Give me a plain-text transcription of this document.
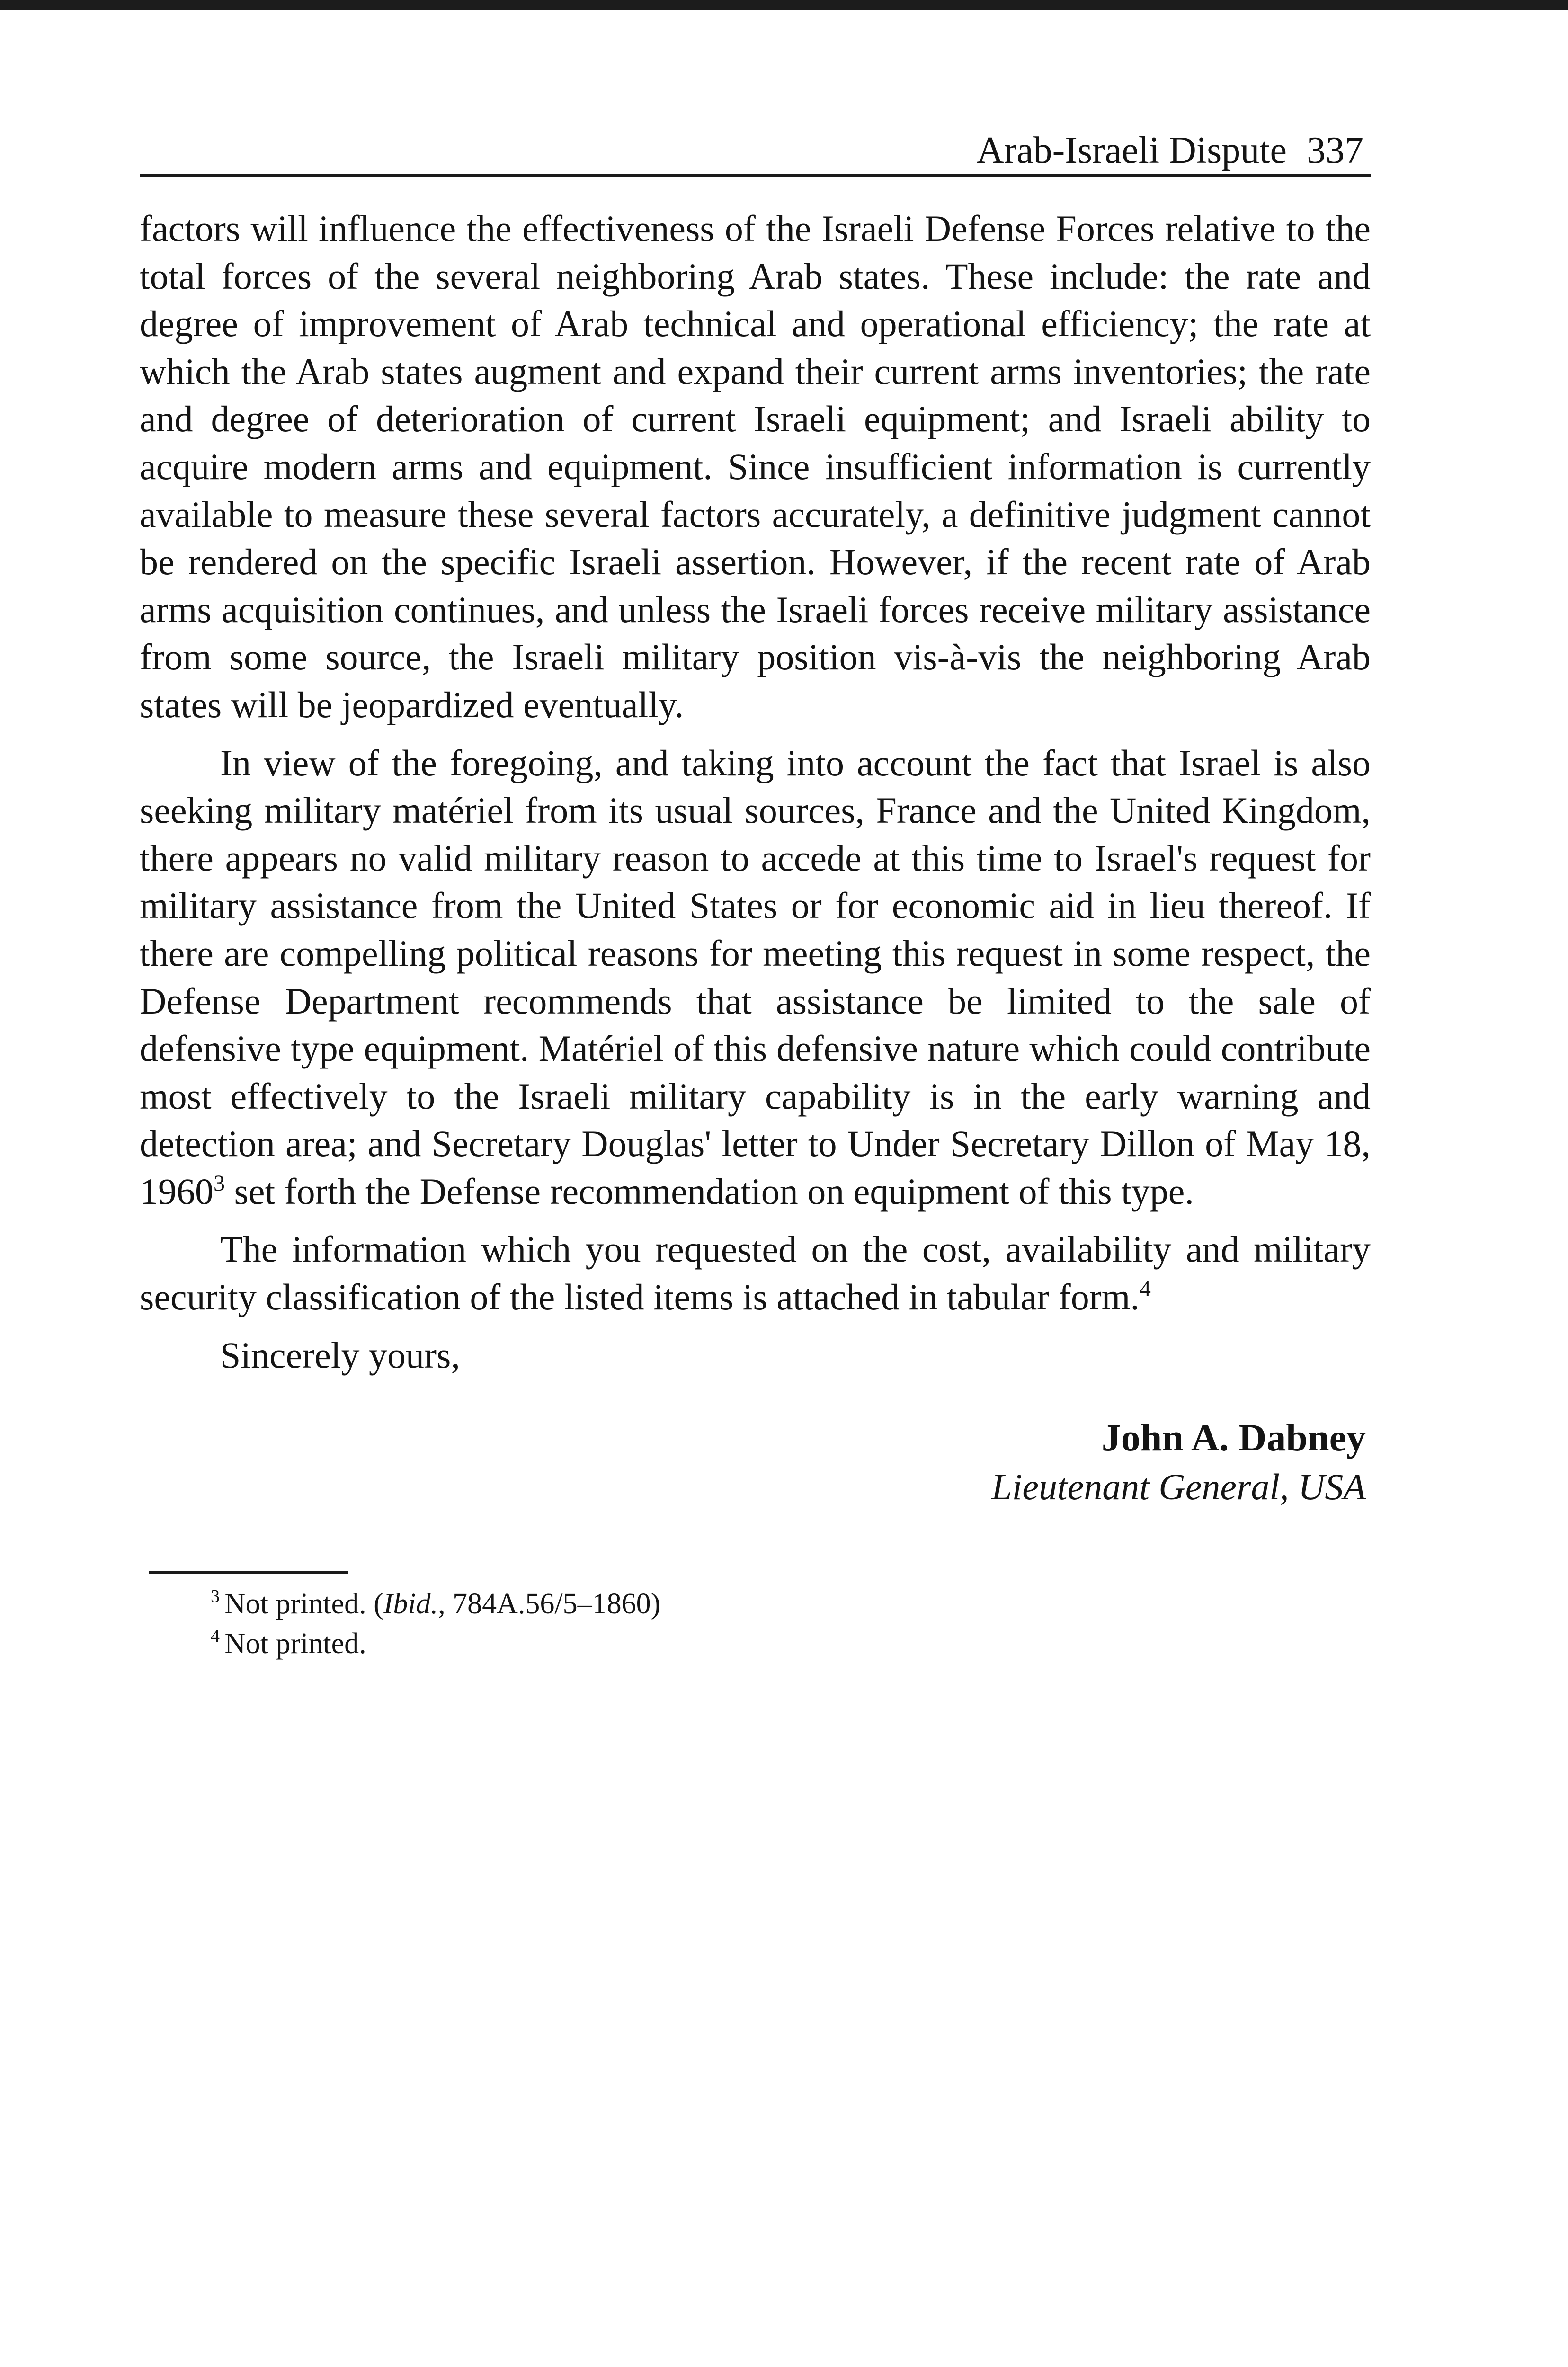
Arab-Israeli Dispute 337

factors will influence the effectiveness of the Israeli Defense Forces relative to the total forces of the several neighboring Arab states. These include: the rate and degree of improvement of Arab technical and operational efficiency; the rate at which the Arab states augment and expand their current arms inventories; the rate and degree of deterioration of current Israeli equipment; and Israeli ability to acquire modern arms and equipment. Since insufficient information is currently available to measure these several factors accurately, a definitive judgment cannot be rendered on the specific Israeli assertion. However, if the recent rate of Arab arms acquisition continues, and unless the Israeli forces receive military assistance from some source, the Israeli military position vis-à-vis the neighboring Arab states will be jeopardized eventually.

In view of the foregoing, and taking into account the fact that Israel is also seeking military matériel from its usual sources, France and the United Kingdom, there appears no valid military reason to accede at this time to Israel's request for military assistance from the United States or for economic aid in lieu thereof. If there are compelling political reasons for meeting this request in some respect, the Defense Department recommends that assistance be limited to the sale of defensive type equipment. Matériel of this defensive nature which could contribute most effectively to the Israeli military capability is in the early warning and detection area; and Secretary Douglas' letter to Under Secretary Dillon of May 18, 1960$^3$ set forth the Defense recommendation on equipment of this type.

The information which you requested on the cost, availability and military security classification of the listed items is attached in tabular form.$^4$

Sincerely yours,

John A. Dabney
Lieutenant General, USA
$^3$ Not printed. (Ibid., 784A.56/5–1860)
$^4$ Not printed.
